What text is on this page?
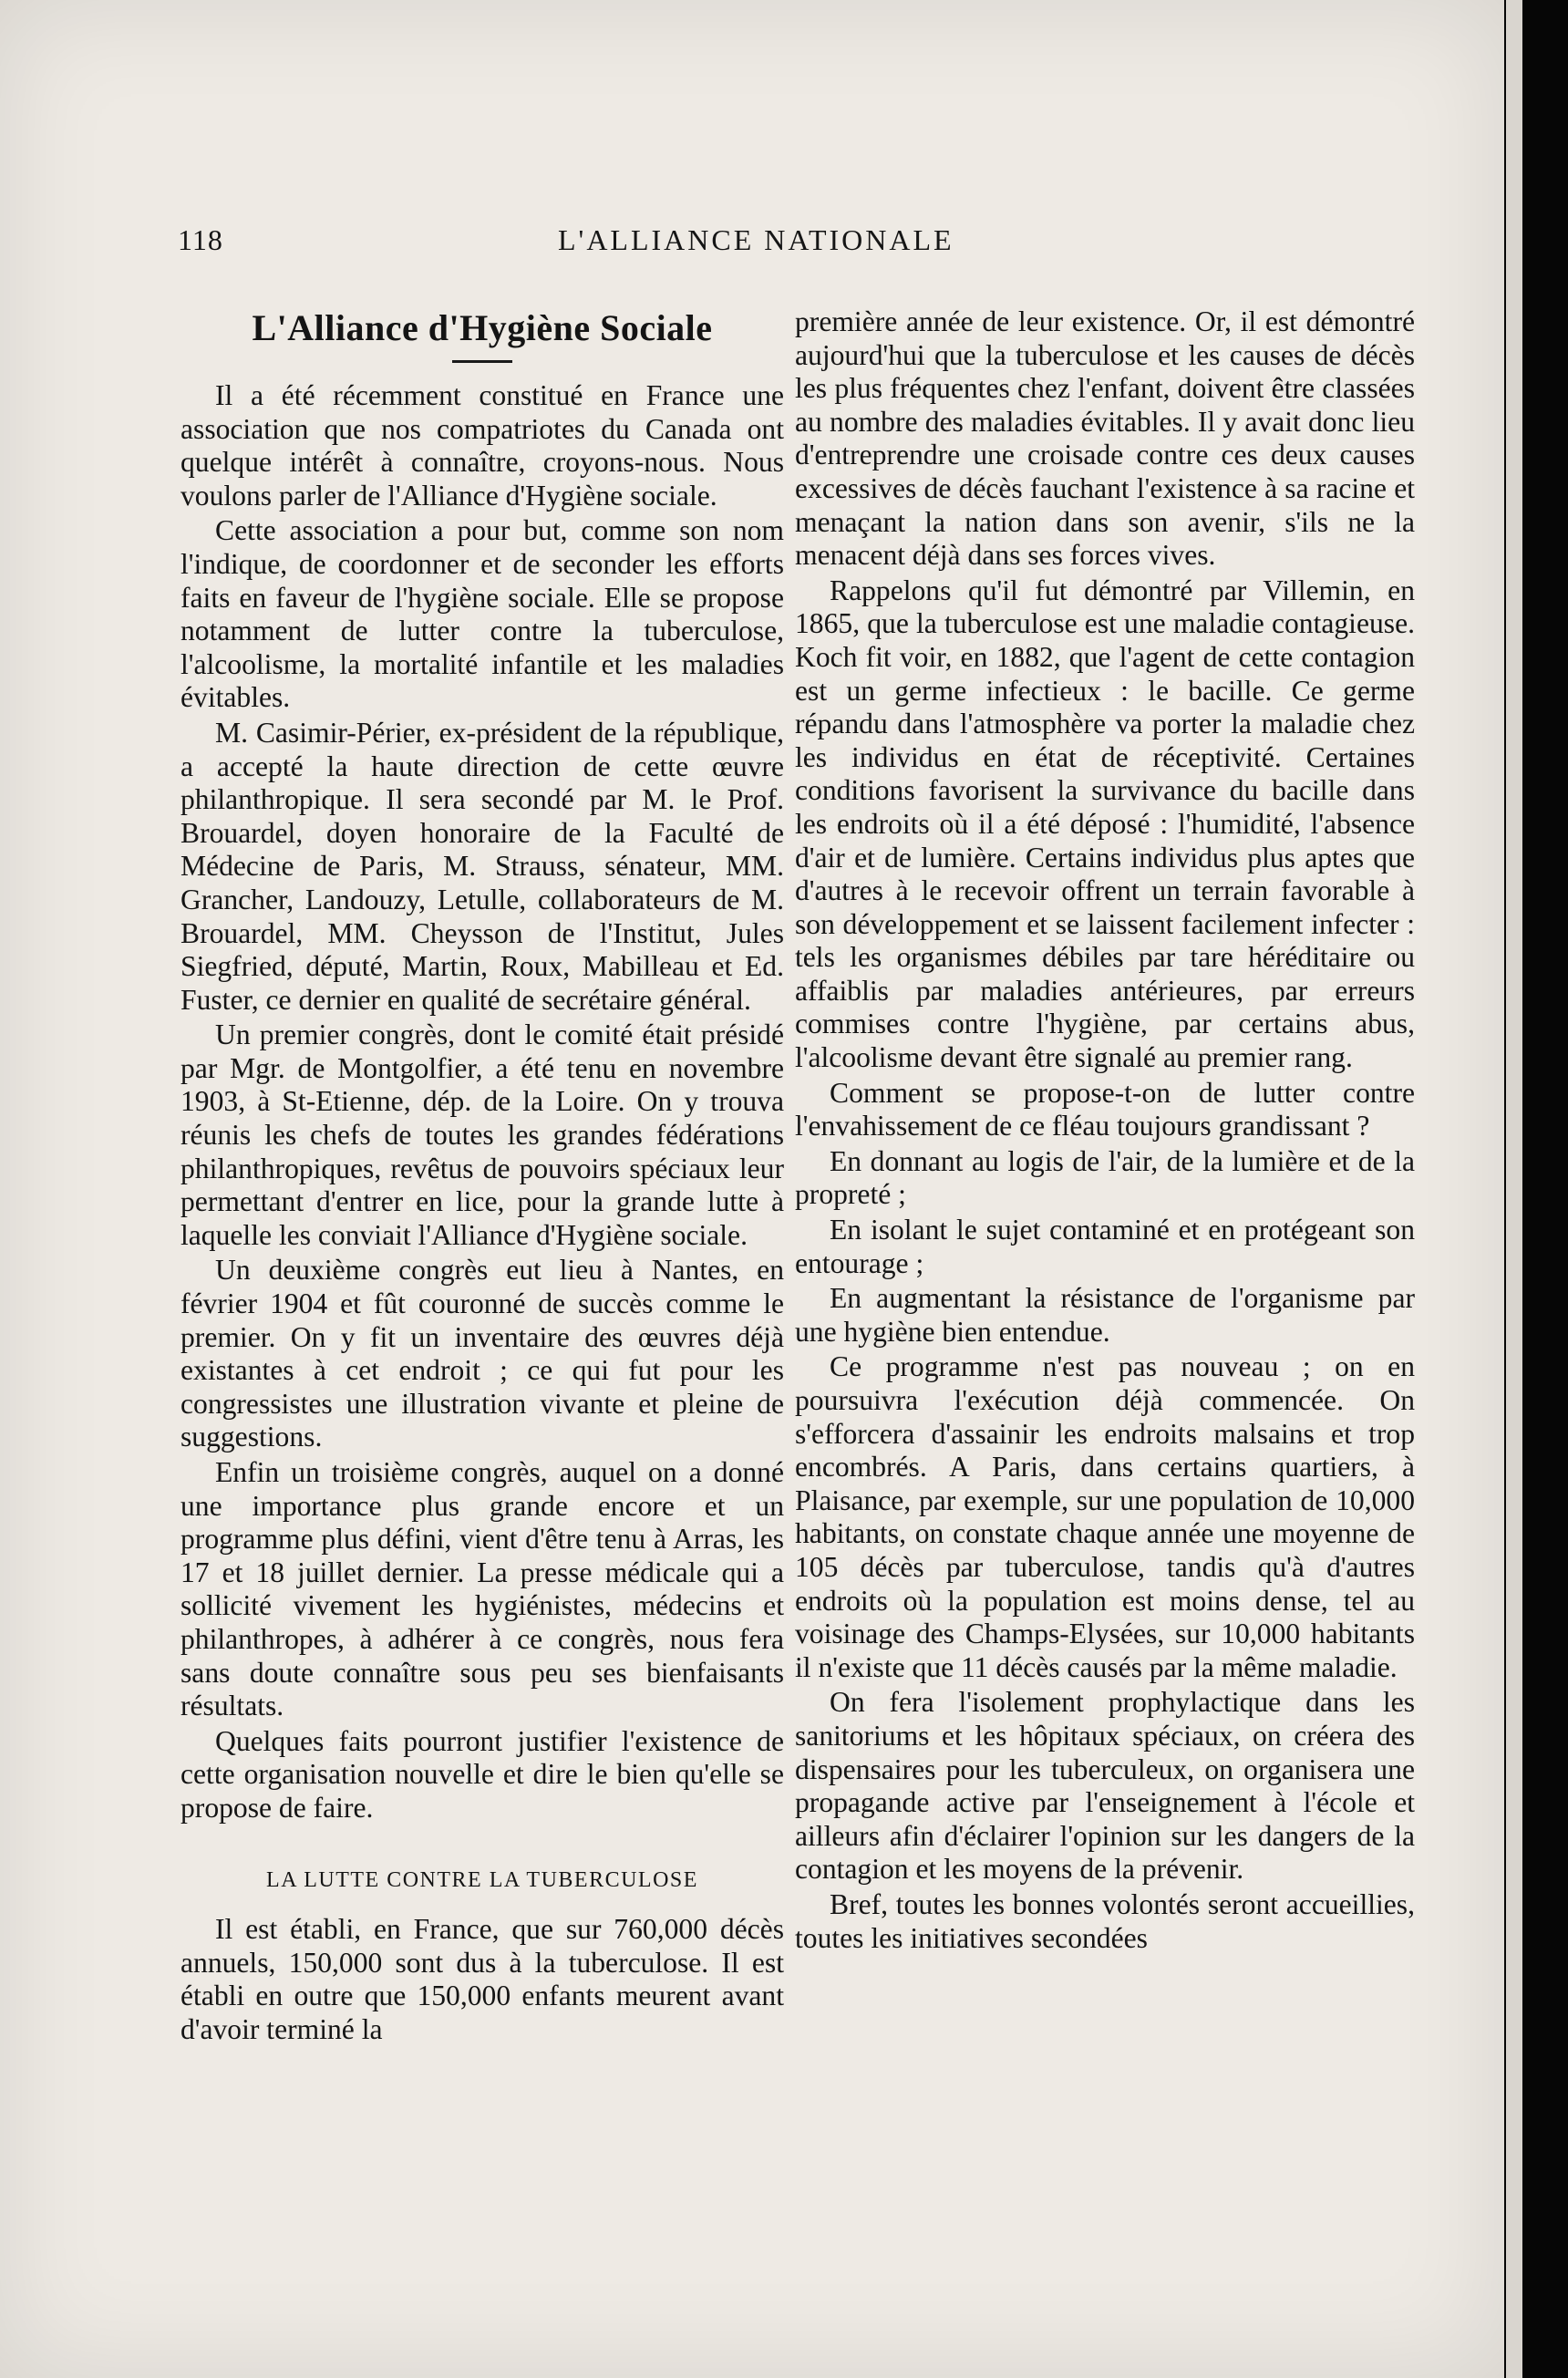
118	L'ALLIANCE NATIONALE
L'Alliance d'Hygiène Sociale

Il a été récemment constitué en France une association que nos compatriotes du Canada ont quelque intérêt à connaître, croyons-nous. Nous voulons parler de l'Alliance d'Hygiène sociale.

Cette association a pour but, comme son nom l'indique, de coordonner et de seconder les efforts faits en faveur de l'hygiène sociale. Elle se propose notamment de lutter contre la tuberculose, l'alcoolisme, la mortalité infantile et les maladies évitables.

M. Casimir-Périer, ex-président de la république, a accepté la haute direction de cette œuvre philanthropique. Il sera secondé par M. le Prof. Brouardel, doyen honoraire de la Faculté de Médecine de Paris, M. Strauss, sénateur, MM. Grancher, Landouzy, Letulle, collaborateurs de M. Brouardel, MM. Cheysson de l'Institut, Jules Siegfried, député, Martin, Roux, Mabilleau et Ed. Fuster, ce dernier en qualité de secrétaire général.

Un premier congrès, dont le comité était présidé par Mgr. de Montgolfier, a été tenu en novembre 1903, à St-Etienne, dép. de la Loire. On y trouva réunis les chefs de toutes les grandes fédérations philanthropiques, revêtus de pouvoirs spéciaux leur permettant d'entrer en lice, pour la grande lutte à laquelle les conviait l'Alliance d'Hygiène sociale.

Un deuxième congrès eut lieu à Nantes, en février 1904 et fût couronné de succès comme le premier. On y fit un inventaire des œuvres déjà existantes à cet endroit ; ce qui fut pour les congressistes une illustration vivante et pleine de suggestions.

Enfin un troisième congrès, auquel on a donné une importance plus grande encore et un programme plus défini, vient d'être tenu à Arras, les 17 et 18 juillet dernier. La presse médicale qui a sollicité vivement les hygiénistes, médecins et philanthropes, à adhérer à ce congrès, nous fera sans doute connaître sous peu ses bienfaisants résultats.

Quelques faits pourront justifier l'existence de cette organisation nouvelle et dire le bien qu'elle se propose de faire.

LA LUTTE CONTRE LA TUBERCULOSE

Il est établi, en France, que sur 760,000 décès annuels, 150,000 sont dus à la tuberculose. Il est établi en outre que 150,000 enfants meurent avant d'avoir terminé la

première année de leur existence. Or, il est démontré aujourd'hui que la tuberculose et les causes de décès les plus fréquentes chez l'enfant, doivent être classées au nombre des maladies évitables. Il y avait donc lieu d'entreprendre une croisade contre ces deux causes excessives de décès fauchant l'existence à sa racine et menaçant la nation dans son avenir, s'ils ne la menacent déjà dans ses forces vives.

Rappelons qu'il fut démontré par Villemin, en 1865, que la tuberculose est une maladie contagieuse. Koch fit voir, en 1882, que l'agent de cette contagion est un germe infectieux : le bacille. Ce germe répandu dans l'atmosphère va porter la maladie chez les individus en état de réceptivité. Certaines conditions favorisent la survivance du bacille dans les endroits où il a été déposé : l'humidité, l'absence d'air et de lumière. Certains individus plus aptes que d'autres à le recevoir offrent un terrain favorable à son développement et se laissent facilement infecter : tels les organismes débiles par tare héréditaire ou affaiblis par maladies antérieures, par erreurs commises contre l'hygiène, par certains abus, l'alcoolisme devant être signalé au premier rang.

Comment se propose-t-on de lutter contre l'envahissement de ce fléau toujours grandissant ?

En donnant au logis de l'air, de la lumière et de la propreté ;

En isolant le sujet contaminé et en protégeant son entourage ;

En augmentant la résistance de l'organisme par une hygiène bien entendue.

Ce programme n'est pas nouveau ; on en poursuivra l'exécution déjà commencée. On s'efforcera d'assainir les endroits malsains et trop encombrés. A Paris, dans certains quartiers, à Plaisance, par exemple, sur une population de 10,000 habitants, on constate chaque année une moyenne de 105 décès par tuberculose, tandis qu'à d'autres endroits où la population est moins dense, tel au voisinage des Champs-Elysées, sur 10,000 habitants il n'existe que 11 décès causés par la même maladie.

On fera l'isolement prophylactique dans les sanitoriums et les hôpitaux spéciaux, on créera des dispensaires pour les tuberculeux, on organisera une propagande active par l'enseignement à l'école et ailleurs afin d'éclairer l'opinion sur les dangers de la contagion et les moyens de la prévenir.

Bref, toutes les bonnes volontés seront accueillies, toutes les initiatives secondées
